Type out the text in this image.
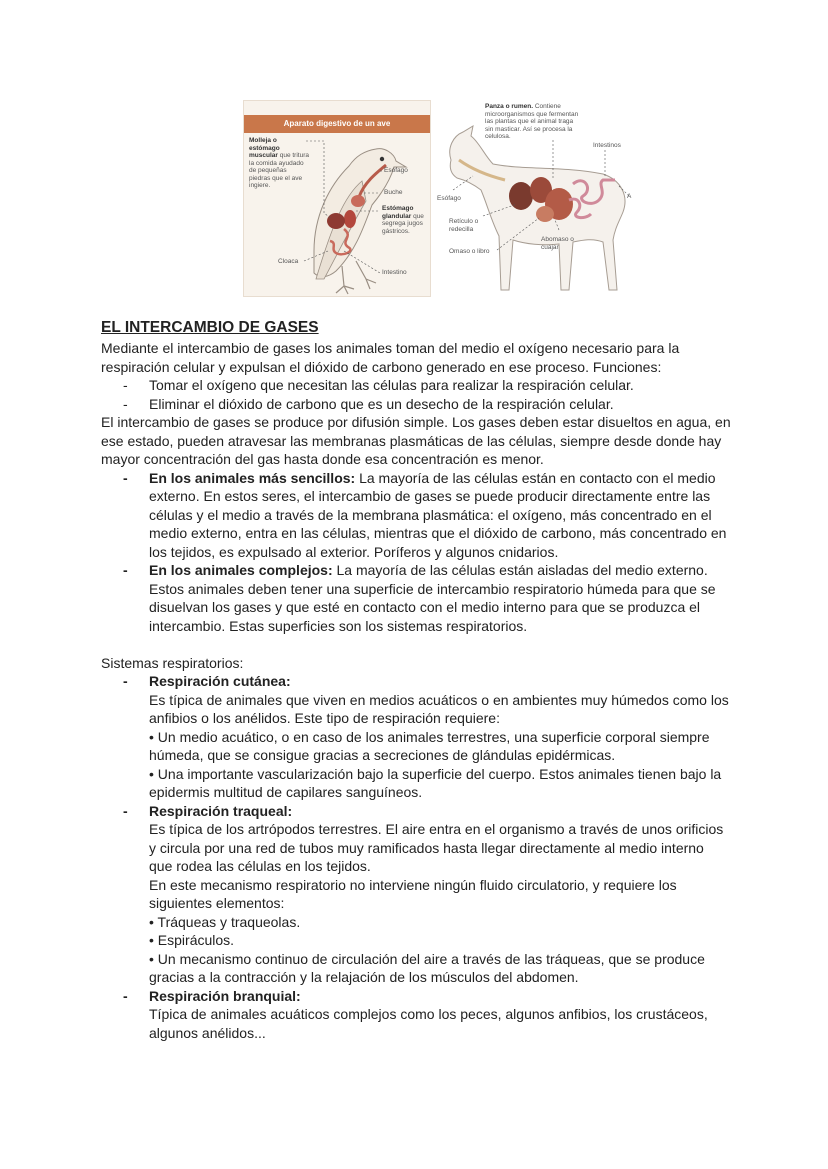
Aparato digestivo de un ave
Molleja o estómago muscular que tritura la comida ayudado de pequeñas piedras que el ave ingiere.
Esófago
Buche
Estómago glandular que segrega jugos gástricos.
Cloaca
Intestino
Panza o rumen. Contiene microorganismos que fermentan las plantas que el animal traga sin masticar. Así se procesa la celulosa.
Intestinos
Esófago
Retículo o redecilla
Abomaso o cuajar
Omaso o libro
A
EL INTERCAMBIO DE GASES

Mediante el intercambio de gases los animales toman del medio el oxígeno necesario para la respiración celular y expulsan el dióxido de carbono generado en ese proceso. Funciones:

- Tomar el oxígeno que necesitan las células para realizar la respiración celular.
- Eliminar el dióxido de carbono que es un desecho de la respiración celular.

El intercambio de gases se produce por difusión simple. Los gases deben estar disueltos en agua, en ese estado, pueden atravesar las membranas plasmáticas de las células, siempre desde donde hay mayor concentración del gas hasta donde esa concentración es menor.

- En los animales más sencillos: La mayoría de las células están en contacto con el medio externo. En estos seres, el intercambio de gases se puede producir directamente entre las células y el medio a través de la membrana plasmática: el oxígeno, más concentrado en el medio externo, entra en las células, mientras que el dióxido de carbono, más concentrado en los tejidos, es expulsado al exterior. Poríferos y algunos cnidarios.
- En los animales complejos: La mayoría de las células están aisladas del medio externo. Estos animales deben tener una superficie de intercambio respiratorio húmeda para que se disuelvan los gases y que esté en contacto con el medio interno para que se produzca el intercambio. Estas superficies son los sistemas respiratorios.

Sistemas respiratorios:

- Respiración cutánea:
Es típica de animales que viven en medios acuáticos o en ambientes muy húmedos como los anfibios o los anélidos. Este tipo de respiración requiere:
• Un medio acuático, o en caso de los animales terrestres, una superficie corporal siempre húmeda, que se consigue gracias a secreciones de glándulas epidérmicas.
• Una importante vascularización bajo la superficie del cuerpo. Estos animales tienen bajo la epidermis multitud de capilares sanguíneos.
- Respiración traqueal:
Es típica de los artrópodos terrestres. El aire entra en el organismo a través de unos orificios y circula por una red de tubos muy ramificados hasta llegar directamente al medio interno que rodea las células en los tejidos.
En este mecanismo respiratorio no interviene ningún fluido circulatorio, y requiere los siguientes elementos:
• Tráqueas y traqueolas.
• Espiráculos.
• Un mecanismo continuo de circulación del aire a través de las tráqueas, que se produce gracias a la contracción y la relajación de los músculos del abdomen.
- Respiración branquial:
Típica de animales acuáticos complejos como los peces, algunos anfibios, los crustáceos, algunos anélidos...
